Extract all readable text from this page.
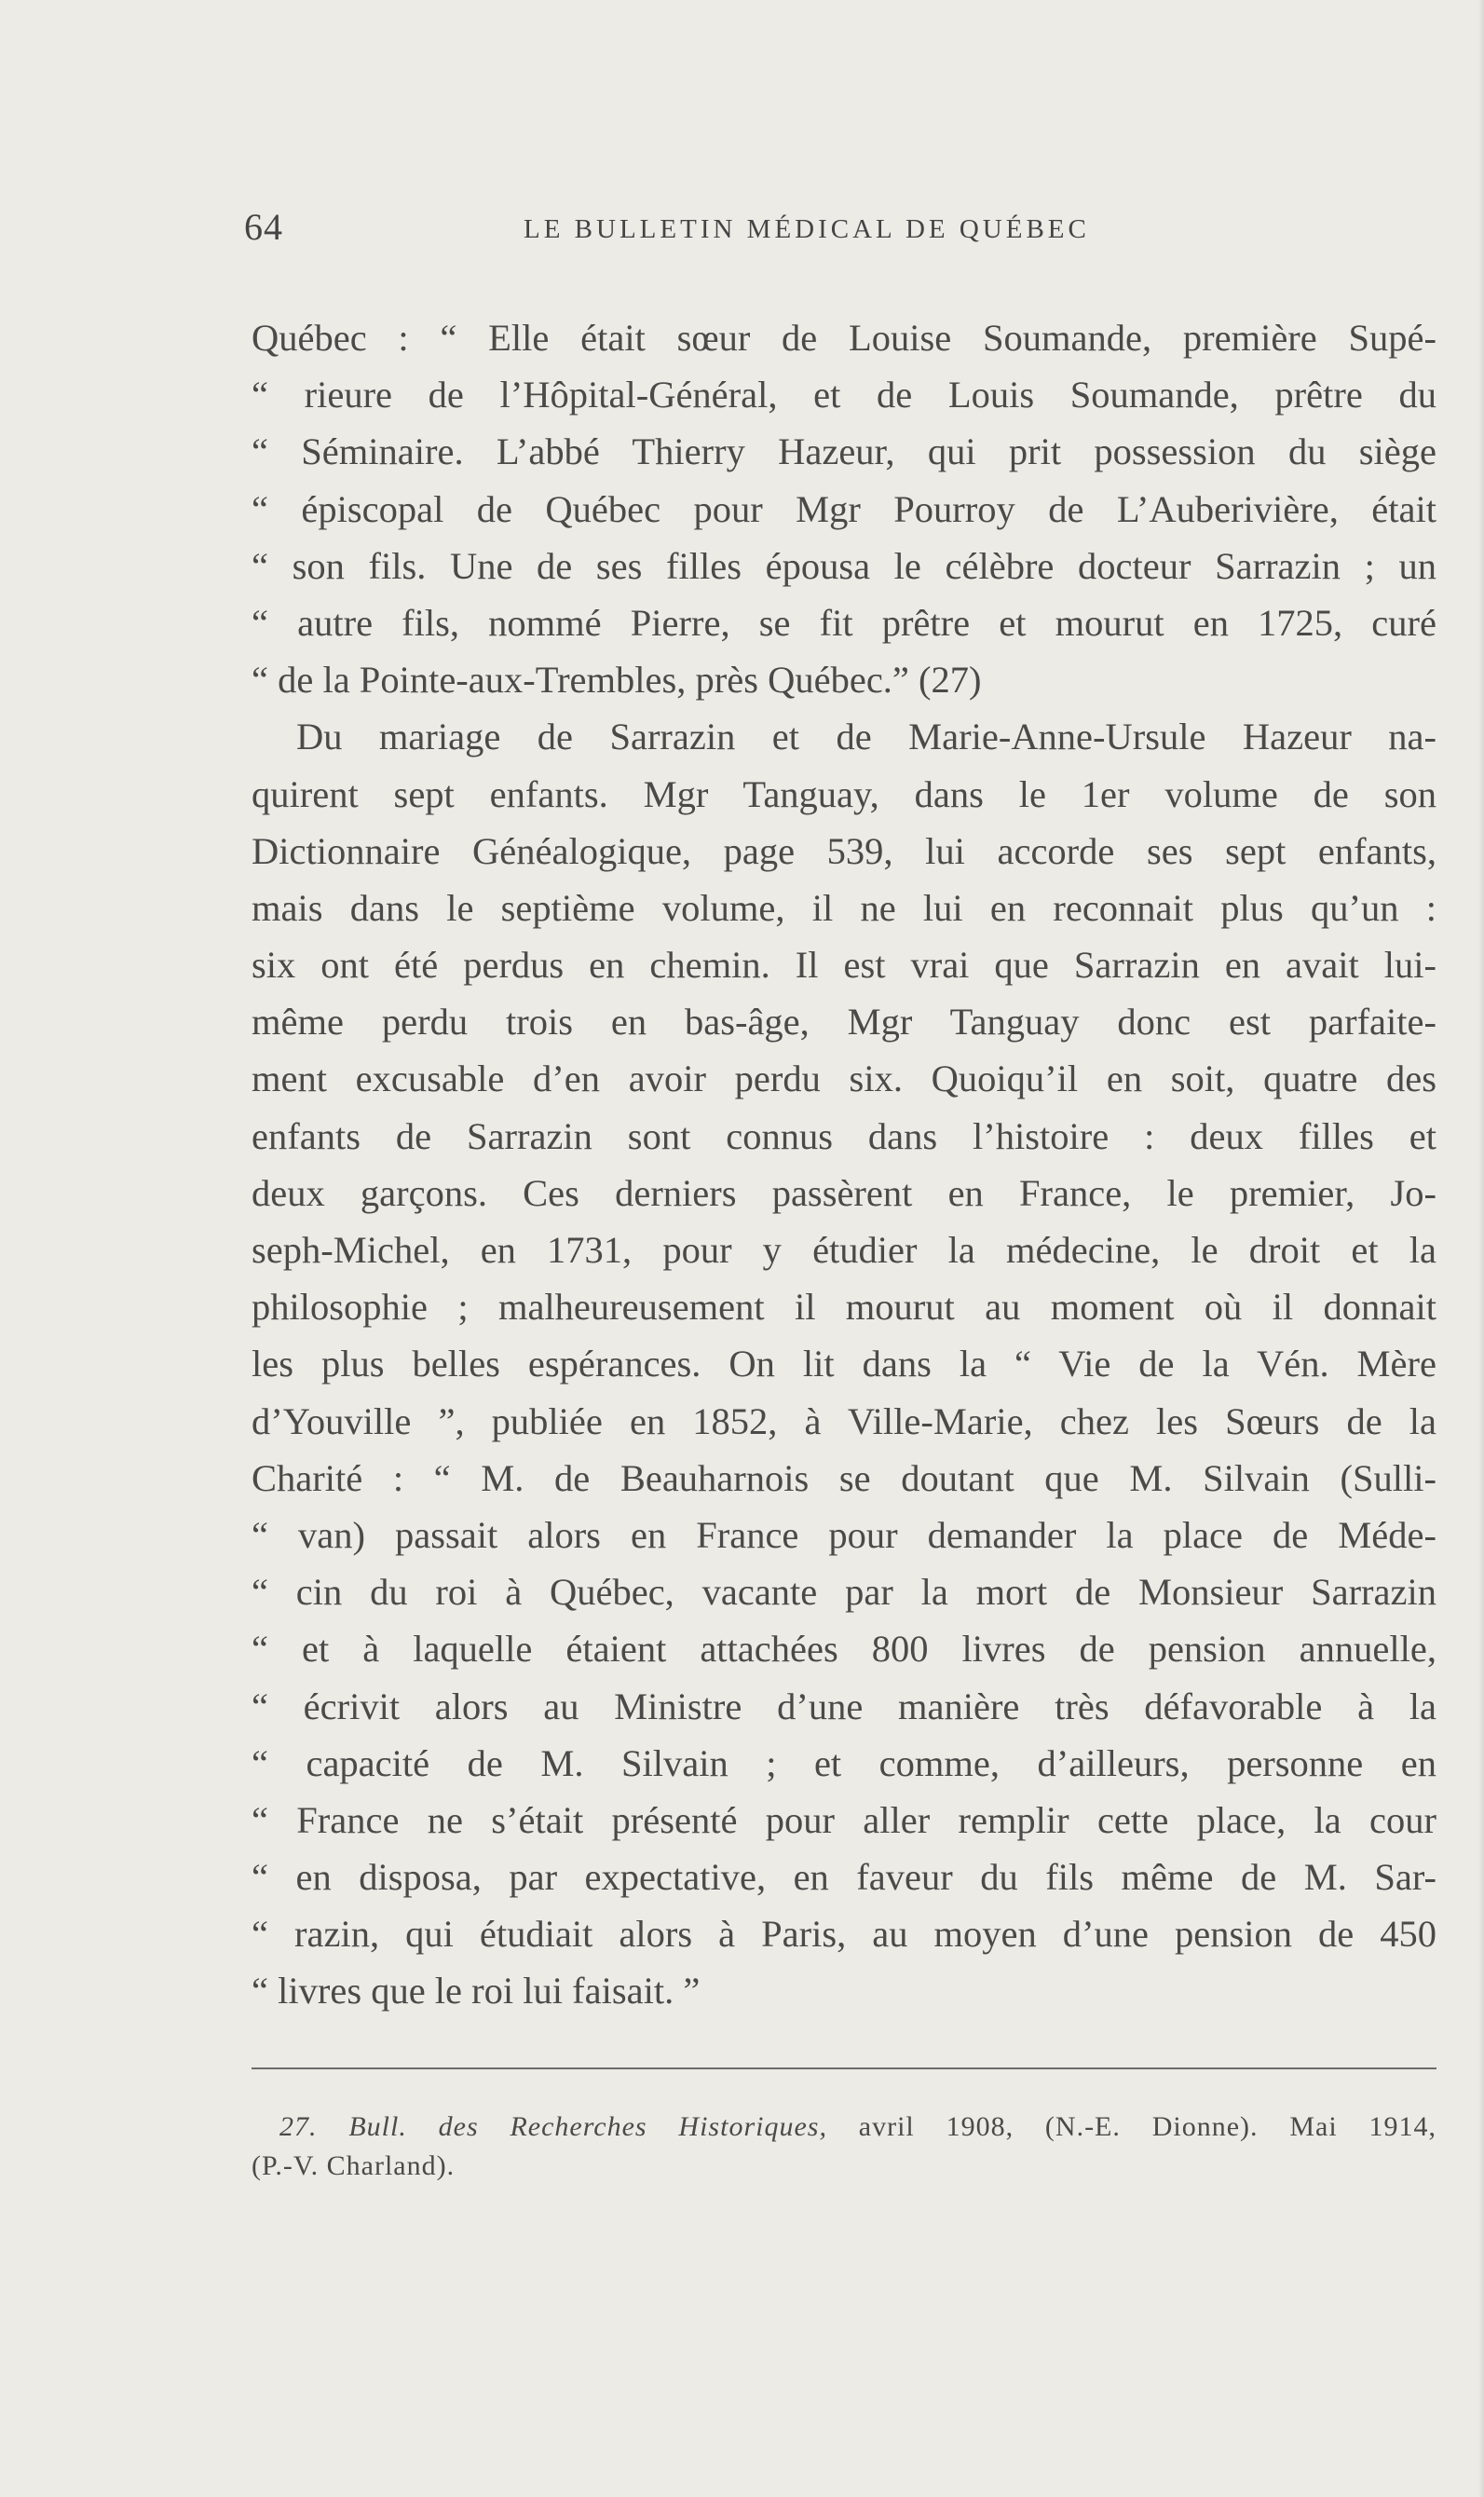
64	LE BULLETIN MÉDICAL DE QUÉBEC
Québec : “ Elle était sœur de Louise Soumande, première Supé-
“ rieure de l’Hôpital-Général, et de Louis Soumande, prêtre du
“ Séminaire. L’abbé Thierry Hazeur, qui prit possession du siège
“ épiscopal de Québec pour Mgr Pourroy de L’Auberivière, était
“ son fils. Une de ses filles épousa le célèbre docteur Sarrazin ; un
“ autre fils, nommé Pierre, se fit prêtre et mourut en 1725, curé
“ de la Pointe-aux-Trembles, près Québec.” (27)
Du mariage de Sarrazin et de Marie-Anne-Ursule Hazeur na-
quirent sept enfants. Mgr Tanguay, dans le 1er volume de son
Dictionnaire Généalogique, page 539, lui accorde ses sept enfants,
mais dans le septième volume, il ne lui en reconnait plus qu’un :
six ont été perdus en chemin. Il est vrai que Sarrazin en avait lui-
même perdu trois en bas-âge, Mgr Tanguay donc est parfaite-
ment excusable d’en avoir perdu six. Quoiqu’il en soit, quatre des
enfants de Sarrazin sont connus dans l’histoire : deux filles et
deux garçons. Ces derniers passèrent en France, le premier, Jo-
seph-Michel, en 1731, pour y étudier la médecine, le droit et la
philosophie ; malheureusement il mourut au moment où il donnait
les plus belles espérances. On lit dans la “ Vie de la Vén. Mère
d’Youville ”, publiée en 1852, à Ville-Marie, chez les Sœurs de la
Charité : “ M. de Beauharnois se doutant que M. Silvain (Sulli-
“ van) passait alors en France pour demander la place de Méde-
“ cin du roi à Québec, vacante par la mort de Monsieur Sarrazin
“ et à laquelle étaient attachées 800 livres de pension annuelle,
“ écrivit alors au Ministre d’une manière très défavorable à la
“ capacité de M. Silvain ; et comme, d’ailleurs, personne en
“ France ne s’était présenté pour aller remplir cette place, la cour
“ en disposa, par expectative, en faveur du fils même de M. Sar-
“ razin, qui étudiait alors à Paris, au moyen d’une pension de 450
“ livres que le roi lui faisait. ”
27. Bull. des Recherches Historiques, avril 1908, (N.-E. Dionne). Mai 1914,
(P.-V. Charland).
